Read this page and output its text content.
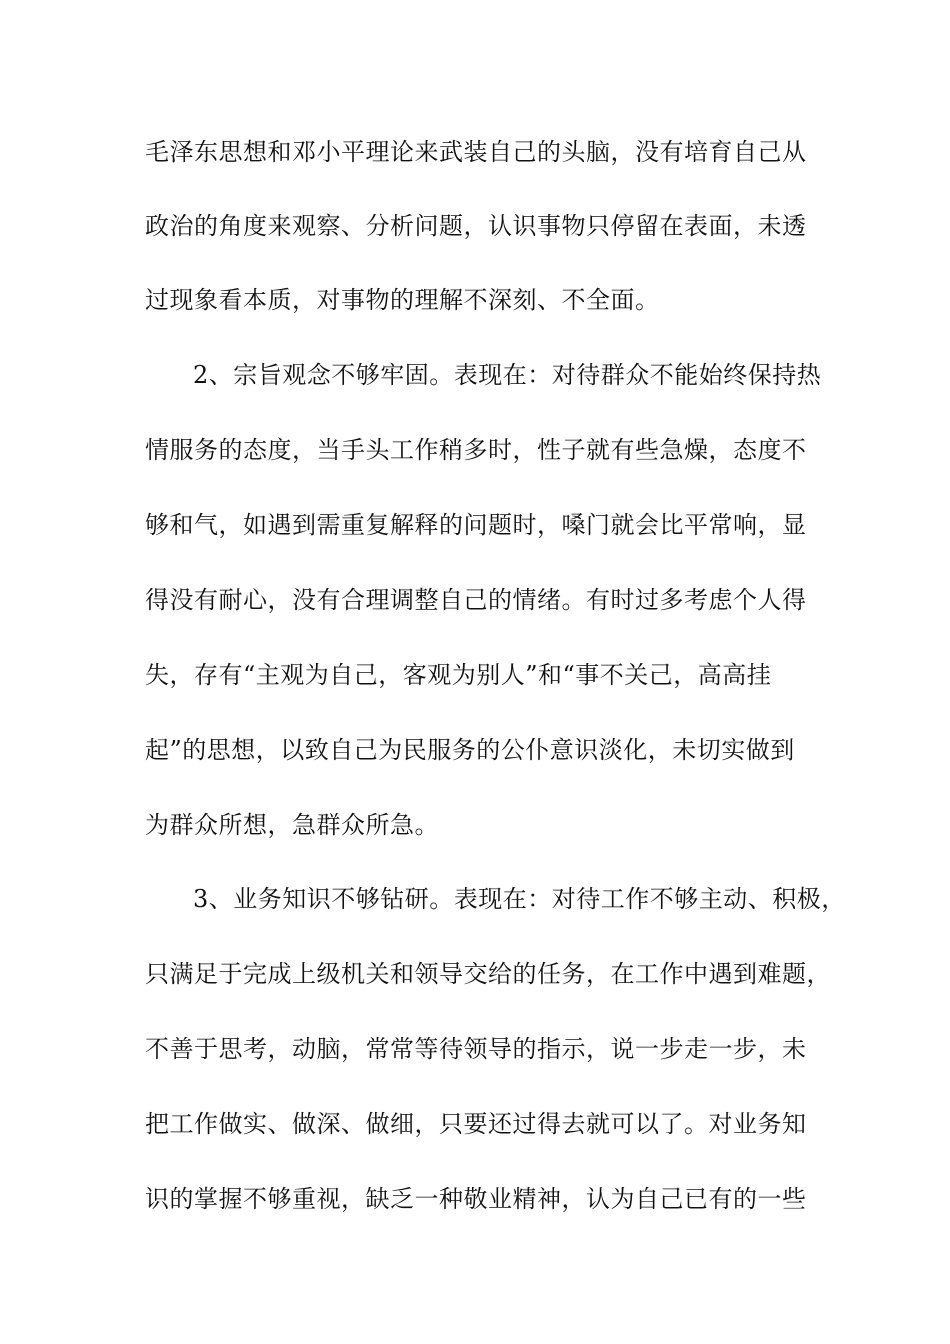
毛泽东思想和邓小平理论来武装自己的头脑，没有培育自己从
政治的角度来观察、分析问题，认识事物只停留在表面，未透
过现象看本质，对事物的理解不深刻、不全面。
2、宗旨观念不够牢固。表现在：对待群众不能始终保持热
情服务的态度，当手头工作稍多时，性子就有些急燥，态度不
够和气，如遇到需重复解释的问题时，嗓门就会比平常响，显
得没有耐心，没有合理调整自己的情绪。有时过多考虑个人得
失，存有“主观为自己，客观为别人”和“事不关己，高高挂
起”的思想，以致自己为民服务的公仆意识淡化，未切实做到
为群众所想，急群众所急。
3、业务知识不够钻研。表现在：对待工作不够主动、积极，
只满足于完成上级机关和领导交给的任务，在工作中遇到难题，
不善于思考，动脑，常常等待领导的指示，说一步走一步，未
把工作做实、做深、做细，只要还过得去就可以了。对业务知
识的掌握不够重视，缺乏一种敬业精神，认为自己已有的一些
